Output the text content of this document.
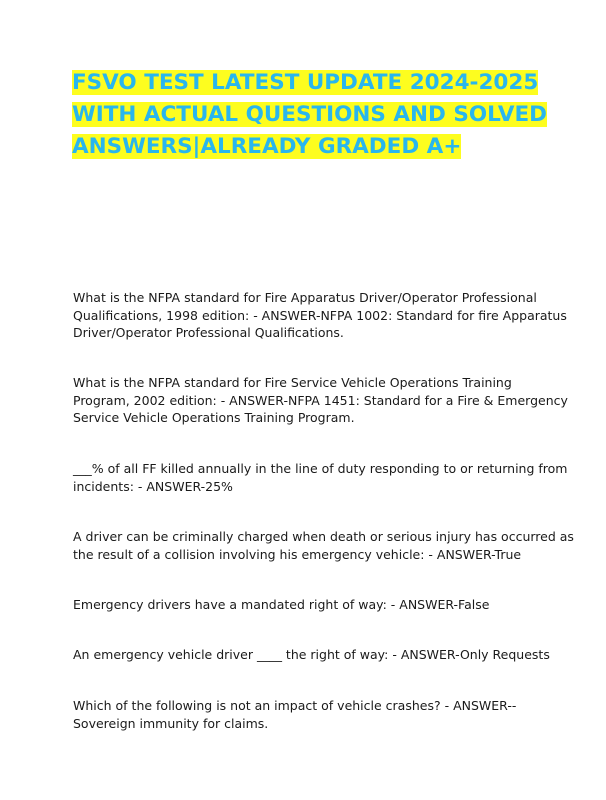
FSVO TEST LATEST UPDATE 2024-2025
WITH ACTUAL QUESTIONS AND SOLVED
ANSWERS|ALREADY GRADED A+
What is the NFPA standard for Fire Apparatus Driver/Operator Professional
Qualifications, 1998 edition: - ANSWER-NFPA 1002: Standard for fire Apparatus
Driver/Operator Professional Qualifications.
What is the NFPA standard for Fire Service Vehicle Operations Training
Program, 2002 edition: - ANSWER-NFPA 1451: Standard for a Fire & Emergency
Service Vehicle Operations Training Program.
___% of all FF killed annually in the line of duty responding to or returning from
incidents: - ANSWER-25%
A driver can be criminally charged when death or serious injury has occurred as
the result of a collision involving his emergency vehicle: - ANSWER-True
Emergency drivers have a mandated right of way: - ANSWER-False
An emergency vehicle driver ____ the right of way: - ANSWER-Only Requests
Which of the following is not an impact of vehicle crashes? - ANSWER--
Sovereign immunity for claims.
